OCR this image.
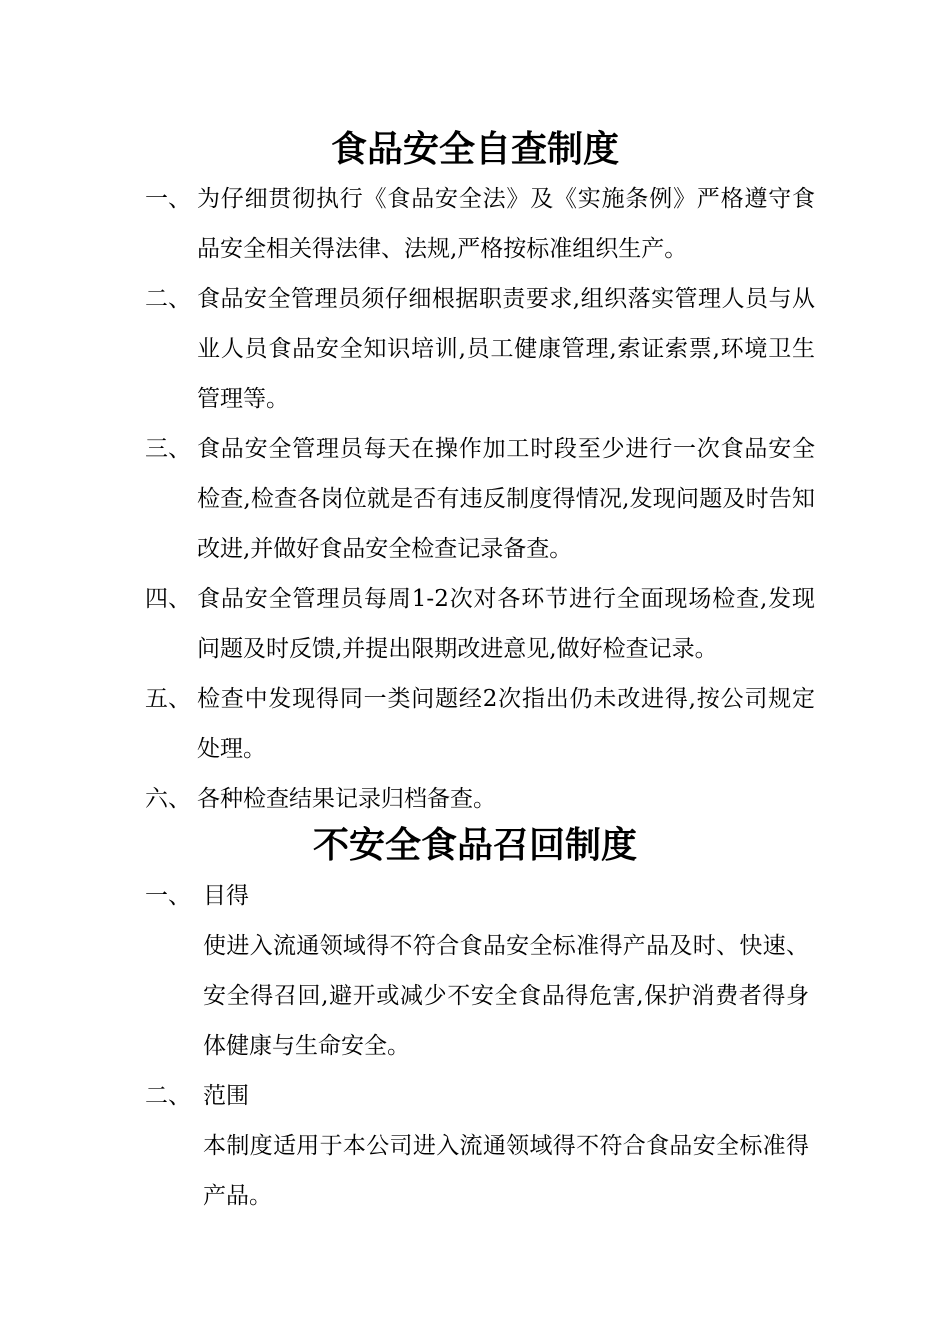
食品安全自查制度
一、 为仔细贯彻执行《食品安全法》及《实施条例》严格遵守食品安全相关得法律、法规,严格按标准组织生产。
二、 食品安全管理员须仔细根据职责要求,组织落实管理人员与从业人员食品安全知识培训,员工健康管理,索证索票,环境卫生管理等。
三、 食品安全管理员每天在操作加工时段至少进行一次食品安全检查,检查各岗位就是否有违反制度得情况,发现问题及时告知改进,并做好食品安全检查记录备查。
四、 食品安全管理员每周1-2次对各环节进行全面现场检查,发现问题及时反馈,并提出限期改进意见,做好检查记录。
五、 检查中发现得同一类问题经2次指出仍未改进得,按公司规定处理。
六、 各种检查结果记录归档备查。
不安全食品召回制度
一、 目得
使进入流通领域得不符合食品安全标准得产品及时、快速、安全得召回,避开或减少不安全食品得危害,保护消费者得身体健康与生命安全。
二、 范围
本制度适用于本公司进入流通领域得不符合食品安全标准得产品。
